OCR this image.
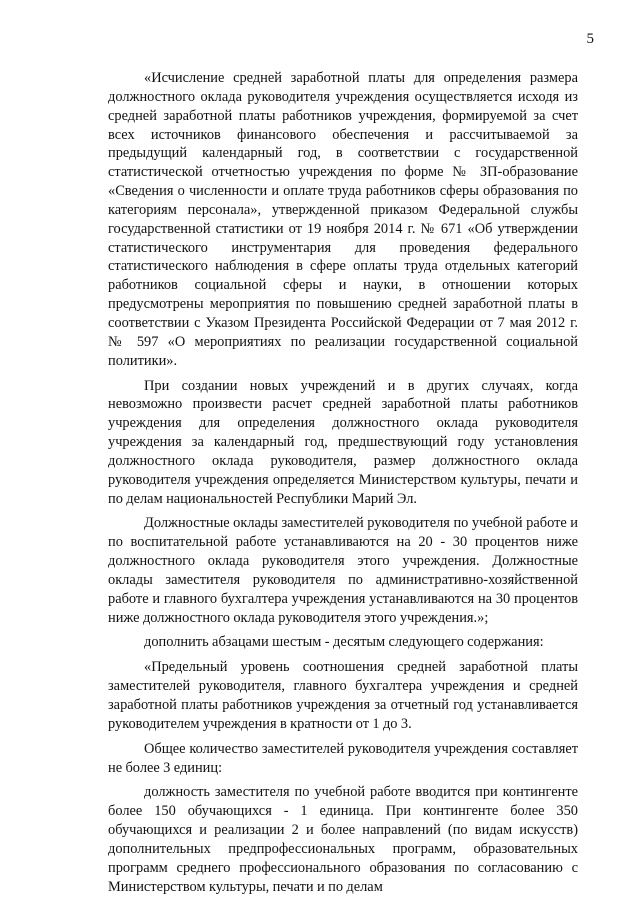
5

«Исчисление средней заработной платы для определения размера должностного оклада руководителя учреждения осуществляется исходя из средней заработной платы работников учреждения, формируемой за счет всех источников финансового обеспечения и рассчитываемой за предыдущий календарный год, в соответствии с государственной статистической отчетностью учреждения по форме № ЗП-образование «Сведения о численности и оплате труда работников сферы образования по категориям персонала», утвержденной приказом Федеральной службы государственной статистики от 19 ноября 2014 г. № 671 «Об утверждении статистического инструментария для проведения федерального статистического наблюдения в сфере оплаты труда отдельных категорий работников социальной сферы и науки, в отношении которых предусмотрены мероприятия по повышению средней заработной платы в соответствии с Указом Президента Российской Федерации от 7 мая 2012 г. № 597 «О мероприятиях по реализации государственной социальной политики».

При создании новых учреждений и в других случаях, когда невозможно произвести расчет средней заработной платы работников учреждения для определения должностного оклада руководителя учреждения за календарный год, предшествующий году установления должностного оклада руководителя, размер должностного оклада руководителя учреждения определяется Министерством культуры, печати и по делам национальностей Республики Марий Эл.

Должностные оклады заместителей руководителя по учебной работе и по воспитательной работе устанавливаются на 20 - 30 процентов ниже должностного оклада руководителя этого учреждения. Должностные оклады заместителя руководителя по административно-хозяйственной работе и главного бухгалтера учреждения устанавливаются на 30 процентов ниже должностного оклада руководителя этого учреждения.»;

дополнить абзацами шестым - десятым следующего содержания:

«Предельный уровень соотношения средней заработной платы заместителей руководителя, главного бухгалтера учреждения и средней заработной платы работников учреждения за отчетный год устанавливается руководителем учреждения в кратности от 1 до 3.

Общее количество заместителей руководителя учреждения составляет не более 3 единиц:

должность заместителя по учебной работе вводится при контингенте более 150 обучающихся - 1 единица. При контингенте более 350 обучающихся и реализации 2 и более направлений (по видам искусств) дополнительных предпрофессиональных программ, образовательных программ среднего профессионального образования по согласованию с Министерством культуры, печати и по делам
